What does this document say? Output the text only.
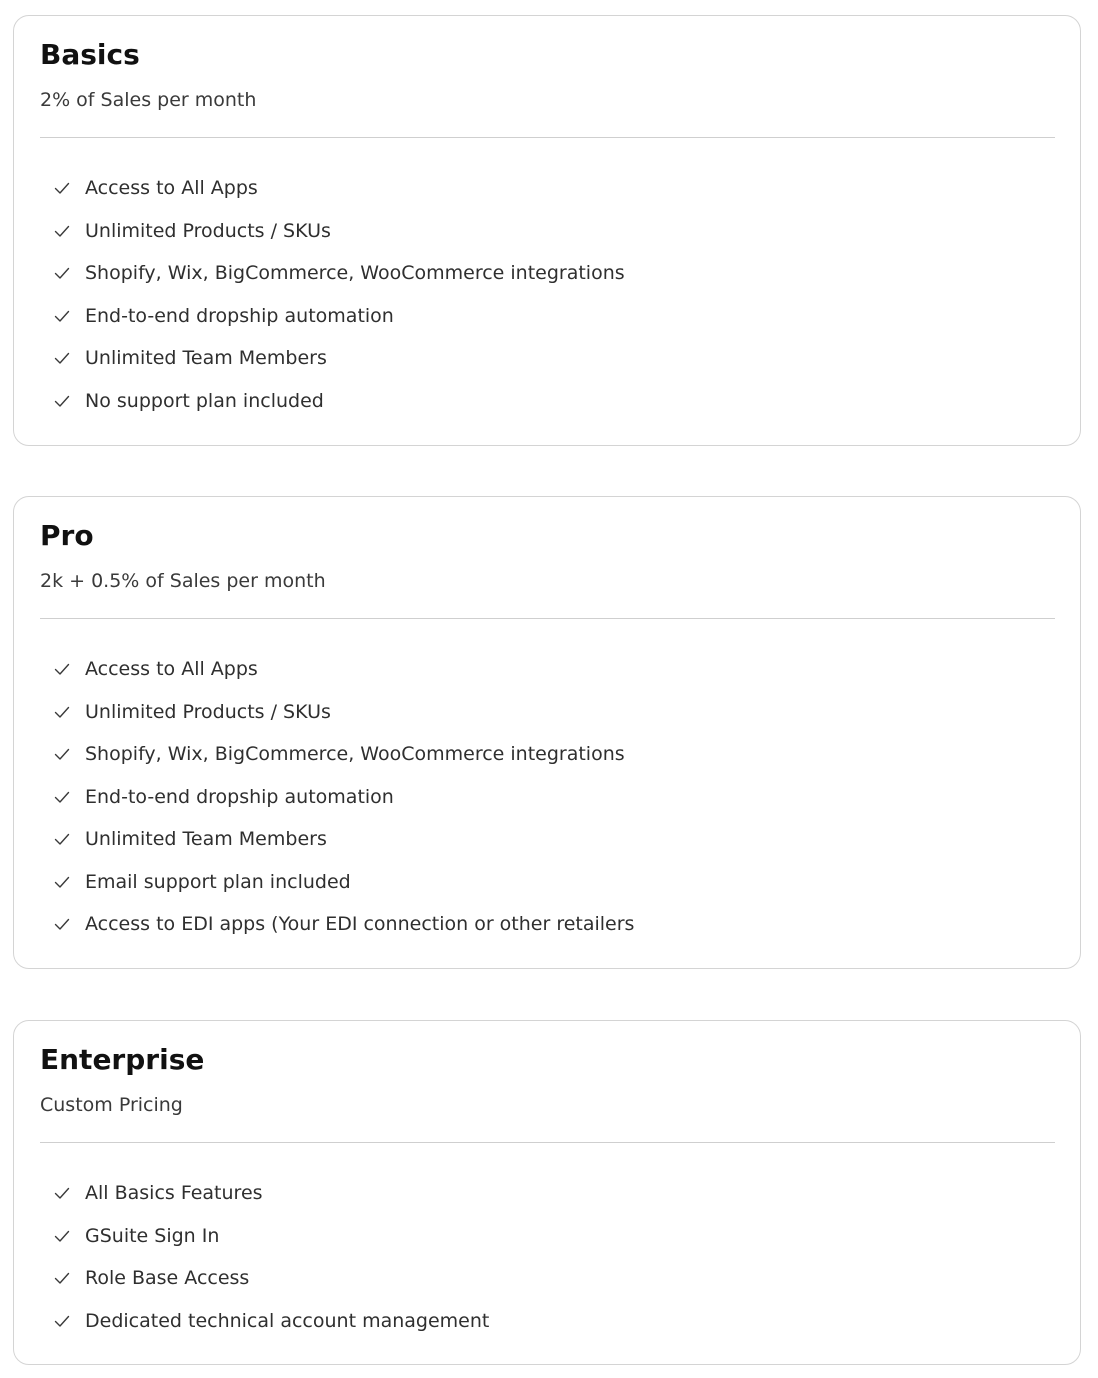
Basics
2% of Sales per month
Access to All Apps
Unlimited Products / SKUs
Shopify, Wix, BigCommerce, WooCommerce integrations
End-to-end dropship automation
Unlimited Team Members
No support plan included
Pro
2k + 0.5% of Sales per month
Access to All Apps
Unlimited Products / SKUs
Shopify, Wix, BigCommerce, WooCommerce integrations
End-to-end dropship automation
Unlimited Team Members
Email support plan included
Access to EDI apps (Your EDI connection or other retailers
Enterprise
Custom Pricing
All Basics Features
GSuite Sign In
Role Base Access
Dedicated technical account management
